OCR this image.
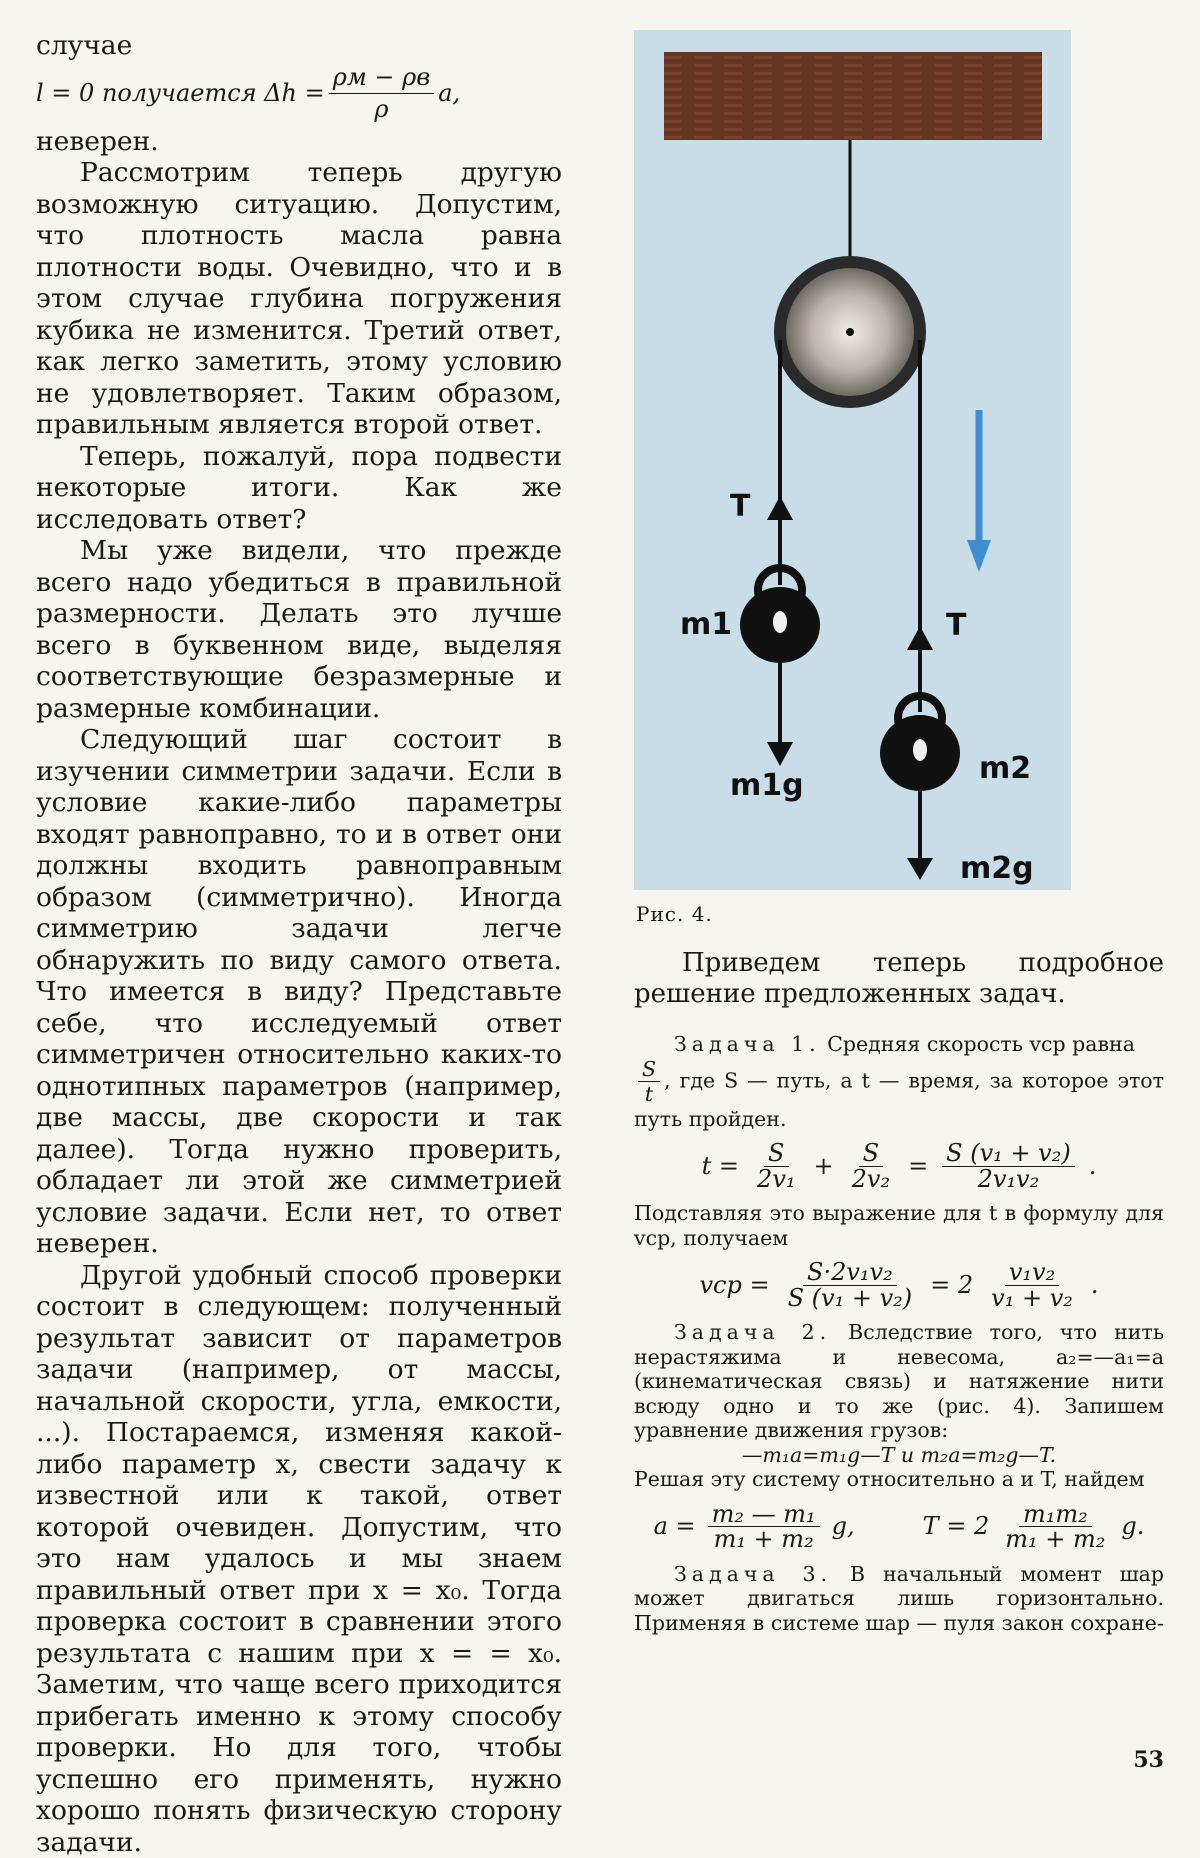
случае
l = 0 получается $\Delta h = \frac{\rho м - \rho в}{\rho} a$,

неверен.

Рассмотрим теперь другую возможную ситуацию. Допустим, что плотность масла равна плотности воды. Очевидно, что и в этом случае глубина погружения кубика не изменится. Третий ответ, как легко заметить, этому условию не удовлетворяет. Таким образом, правильным является второй ответ.

Теперь, пожалуй, пора подвести некоторые итоги. Как же исследовать ответ?

Мы уже видели, что прежде всего надо убедиться в правильной размерности. Делать это лучше всего в буквенном виде, выделяя соответствующие безразмерные и размерные комбинации.

Следующий шаг состоит в изучении симметрии задачи. Если в условие какие-либо параметры входят равноправно, то и в ответ они должны входить равноправным образом (симметрично). Иногда симметрию задачи легче обнаружить по виду самого ответа. Что имеется в виду? Представьте себе, что исследуемый ответ симметричен относительно каких-то однотипных параметров (например, две массы, две скорости и так далее). Тогда нужно проверить, обладает ли этой же симметрией условие задачи. Если нет, то ответ неверен.

Другой удобный способ проверки состоит в следующем: полученный результат зависит от параметров задачи (например, от массы, начальной скорости, угла, емкости, ...). Постараемся, изменяя какой-либо параметр x, свести задачу к известной или к такой, ответ которой очевиден. Допустим, что это нам удалось и мы знаем правильный ответ при x = x₀. Тогда проверка состоит в сравнении этого результата с нашим при x = = x₀. Заметим, что чаще всего приходится прибегать именно к этому способу проверки. Но для того, чтобы успешно его применять, нужно хорошо понять физическую сторону задачи.

T
T
m1
m1g	m2
m2g
Рис. 4.
Приведем теперь подробное решение предложенных задач.

Задача 1. Средняя скорость vср равна

$\frac{S}{t}$ , где S — путь, а t — время, за которое этот путь пройден.

$t = \frac{S}{\text{2v₁}} + \frac{S}{\text{2v₂}} = \frac{\text{S (v₁ + v₂)}}{\text{2v₁v₂}}$ .

Подставляя это выражение для t в формулу для vср, получаем

vср = $\frac{\text{S·2v₁v₂}}{\text{S (v₁ + v₂)}} = 2 \frac{\text{v₁v₂}}{\text{v₁ + v₂}}$ .

Задача 2. Вследствие того, что нить нерастяжима и невесома, a₂=—a₁=a (кинематическая связь) и натяжение нити всюду одно и то же (рис. 4). Запишем уравнение движения грузов:

—m₁a=m₁g—T и m₂a=m₂g—T.

Решая эту систему относительно a и T, найдем

$a = \frac{\text{m₂ — m₁}}{\text{m₁ + m₂}} g$,	$T = 2 \frac{\text{m₁m₂}}{\text{m₁ + m₂}} g$.

Задача 3. В начальный момент шар может двигаться лишь горизонтально. Применяя в системе шар — пуля закон сохране-

53
